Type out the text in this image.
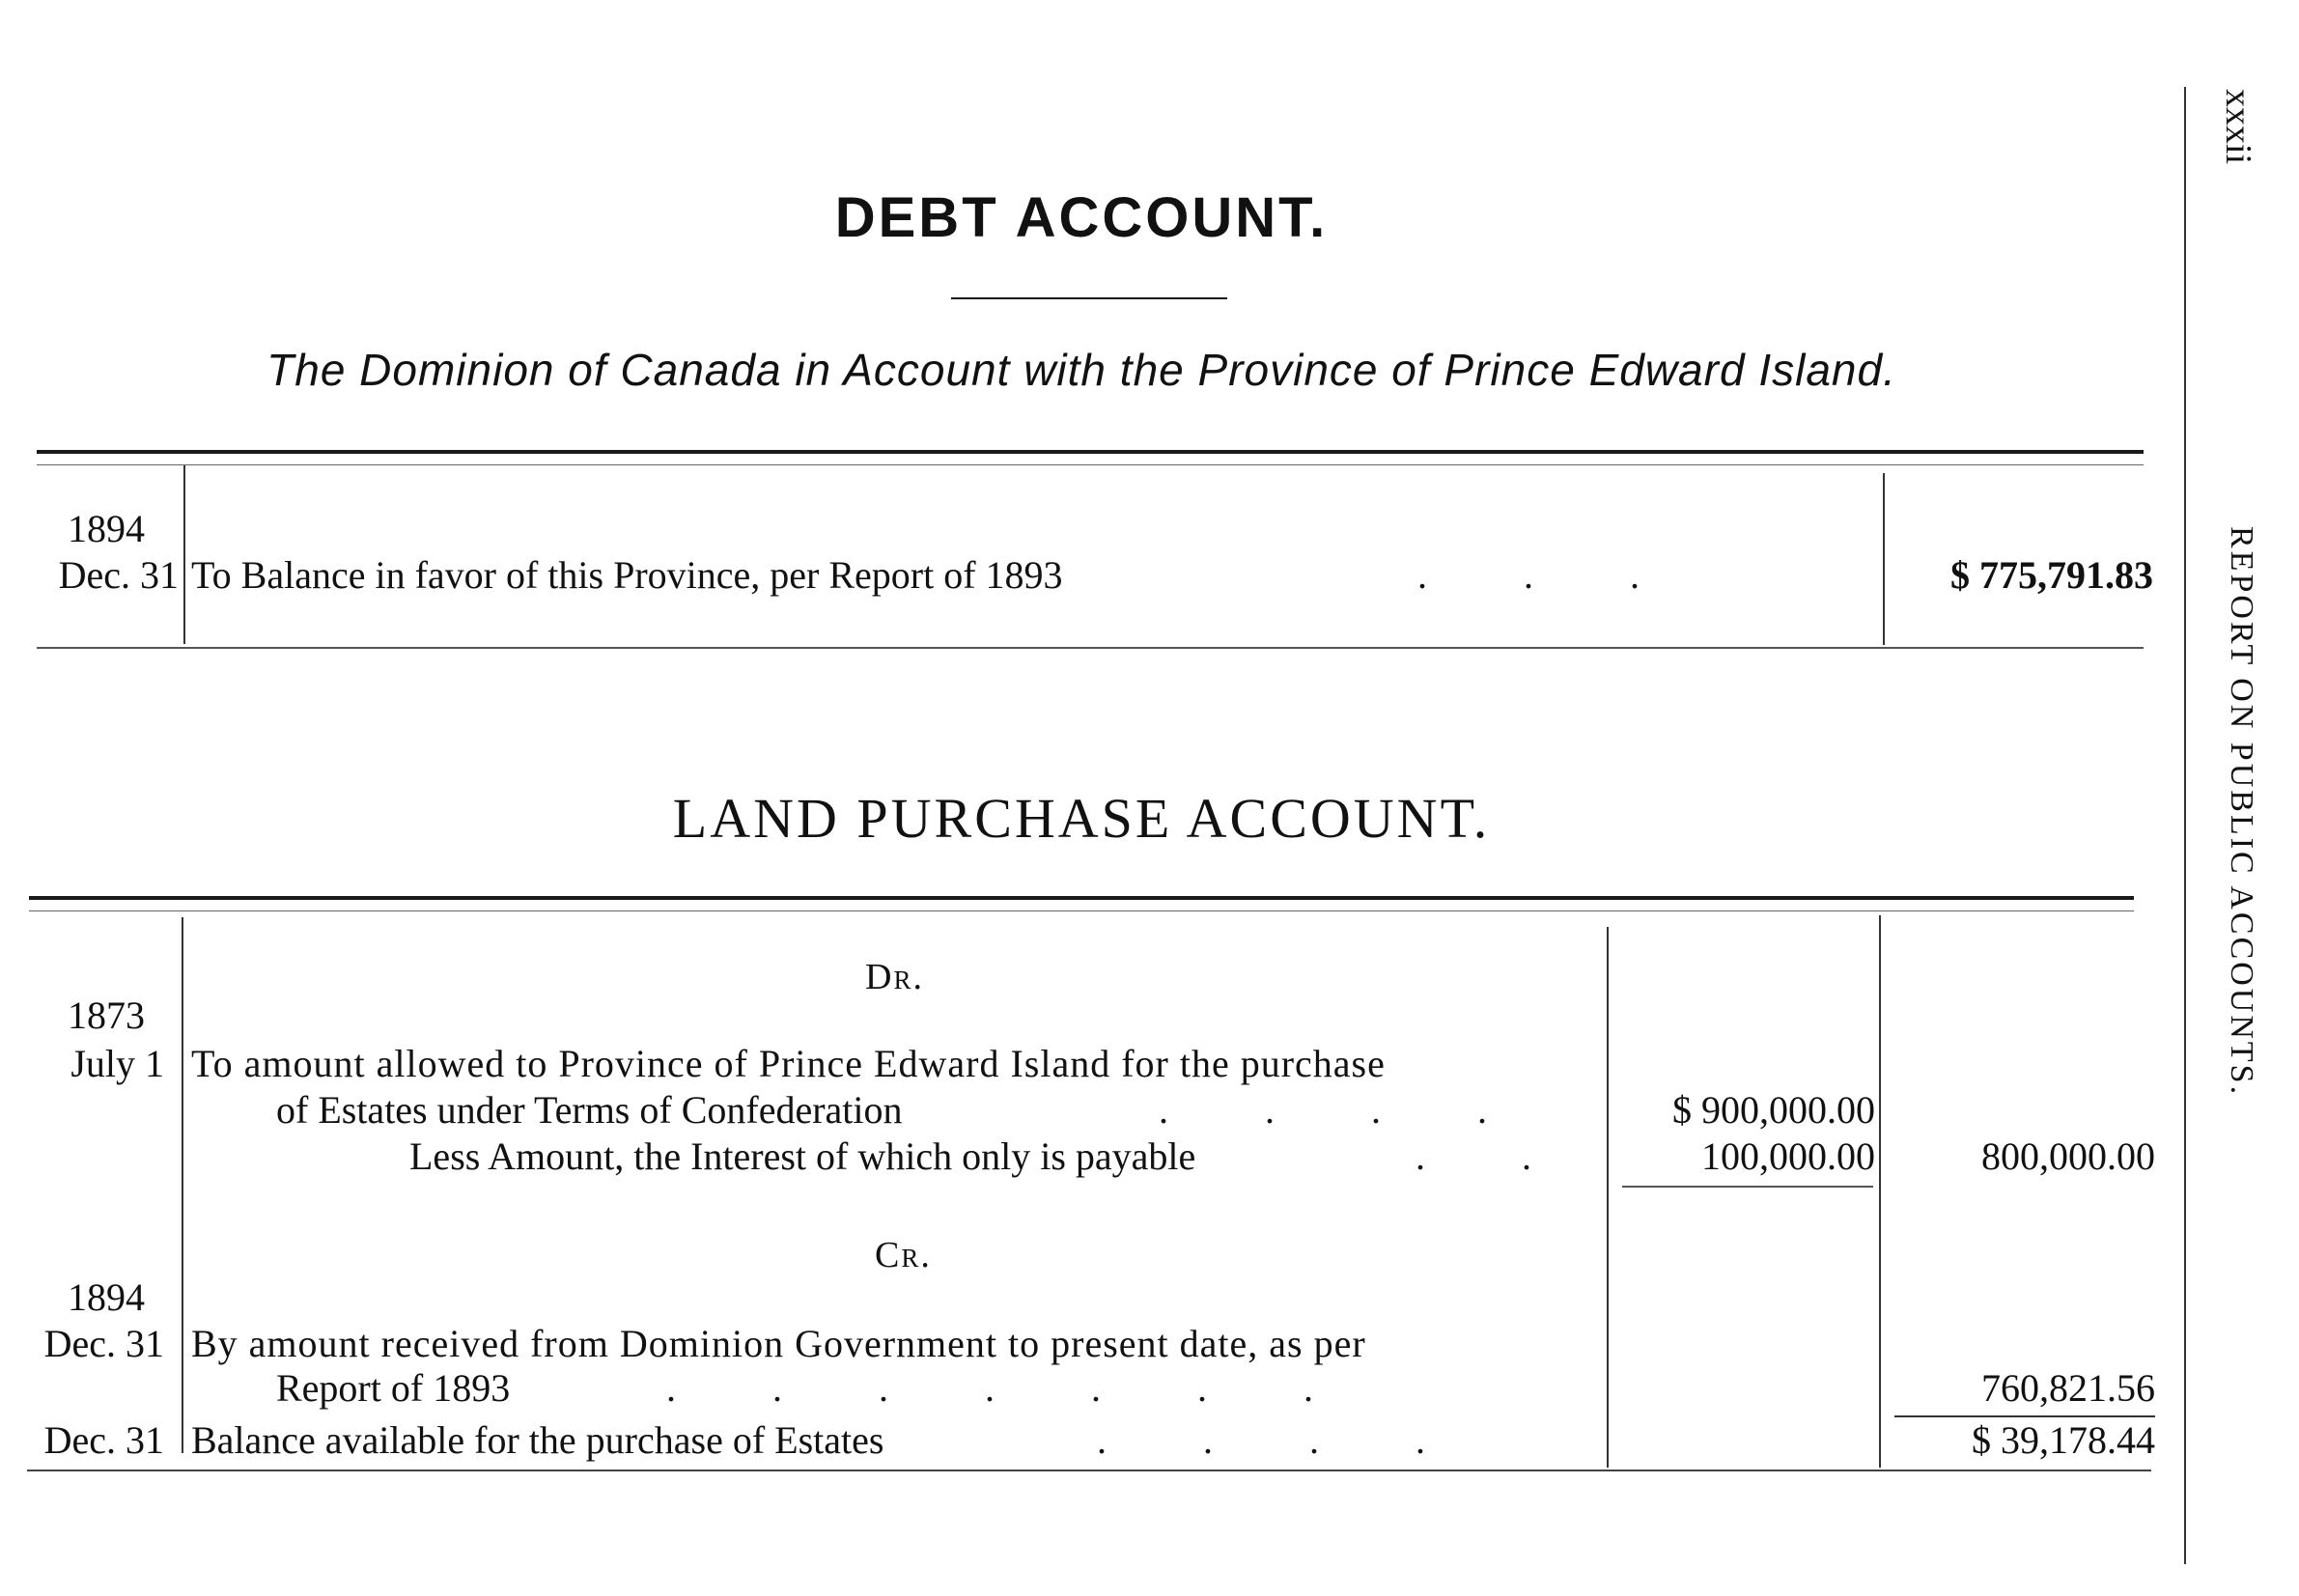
xxxii
REPORT ON PUBLIC ACCOUNTS.
DEBT ACCOUNT.
The Dominion of Canada in Account with the Province of Prince Edward Island.
1894
Dec. 31 To Balance in favor of this Province, per Report of 1893	.          .          .	$ 775,791.83
LAND PURCHASE ACCOUNT.
Dr.
1873
July 1 To amount allowed to Province of Prince Edward Island for the purchase
of Estates under Terms of Confederation	.          .          .          .	$ 900,000.00
Less Amount, the Interest of which only is payable	.          .	100,000.00	800,000.00
Cr.
1894
Dec. 31 By amount received from Dominion Government to present date, as per
Report of 1893	.          .          .          .          .          .          .	760,821.56
Dec. 31 Balance available for the purchase of Estates	.          .          .          .	$ 39,178.44
